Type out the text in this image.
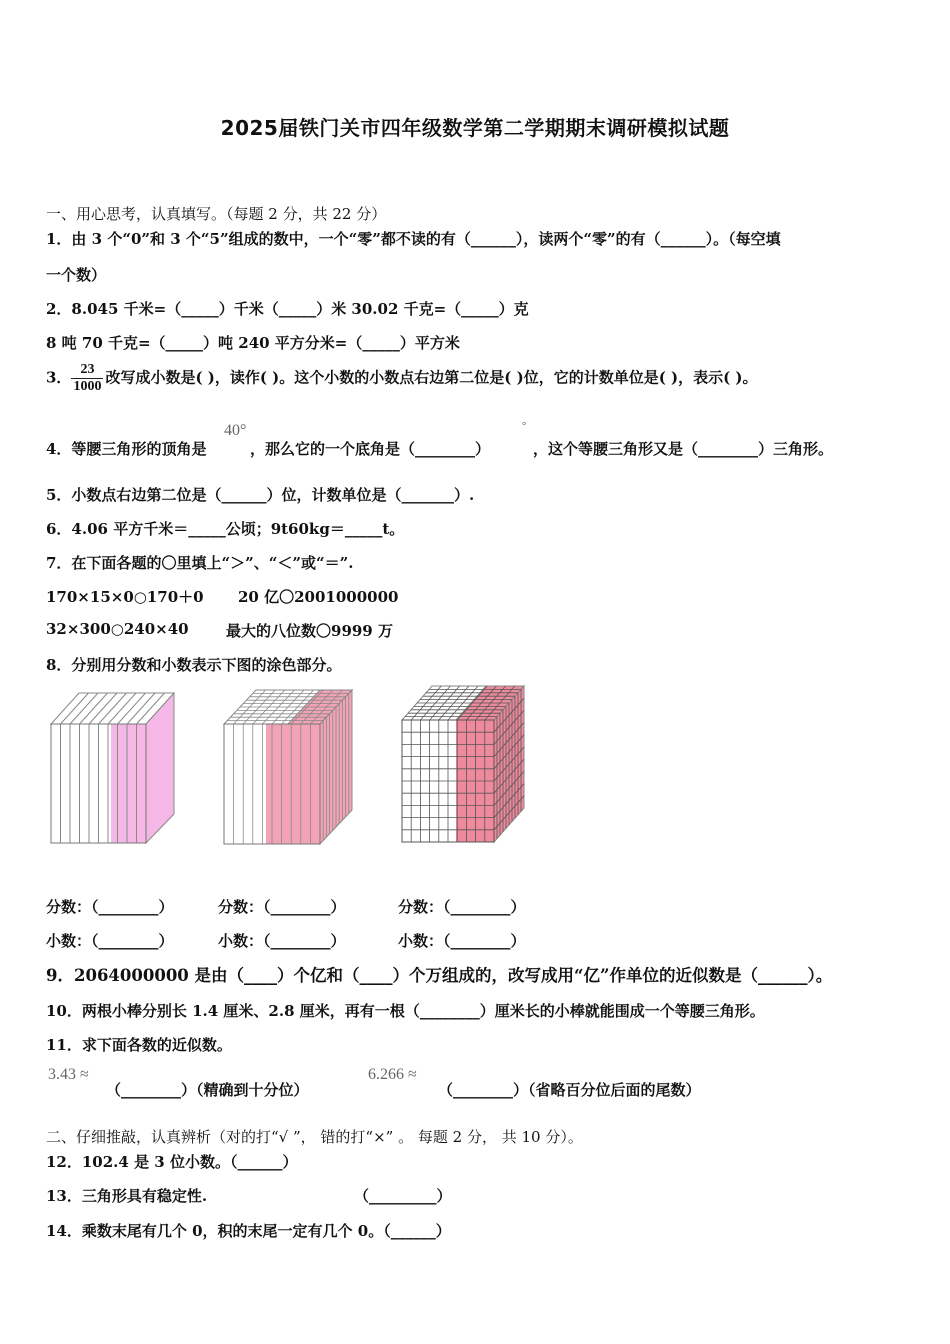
2025届铁门关市四年级数学第二学期期末调研模拟试题
一、用心思考，认真填写。（每题 2 分，共 22 分）
1．由 3 个“0”和 3 个“5”组成的数中，一个“零”都不读的有（______），读两个“零”的有（______）。（每空填
一个数）
2．8.045 千米=（_____）千米（_____）米 30.02 千克=（_____）克
8 吨 70 千克=（_____）吨 240 平方分米=（_____）平方米
3． $\frac{23}{1000}$ 改写成小数是( )，读作( )。这个小数的小数点右边第二位是( )位，它的计数单位是( )，表示( )。
40°
4．等腰三角形的顶角是	，那么它的一个底角是（________）
°
，这个等腰三角形又是（________）三角形。
5．小数点右边第二位是（______）位，计数单位是（_______）.
6．4.06 平方千米＝_____公顷；9t60kg＝_____t。
7．在下面各题的〇里填上“＞”、“＜”或“＝”.
170×15×0○170＋0 20 亿〇2001000000
32×300○240×40 最大的八位数〇9999 万
8．分别用分数和小数表示下图的涂色部分。
分数：（________）	分数：（________）	分数：（________）
小数：（________）	小数：（________）	小数：（________）
9．2064000000 是由（____）个亿和（____）个万组成的，改写成用“亿”作单位的近似数是（______）。
10．两根小棒分别长 1.4 厘米、2.8 厘米，再有一根（________）厘米长的小棒就能围成一个等腰三角形。
11．求下面各数的近似数。
3.43 ≈
（________）（精确到十分位）
6.266 ≈
（________）（省略百分位后面的尾数）
二、仔细推敲，认真辨析（对的打“√ ”， 错的打“×” 。 每题 2 分， 共 10 分）。
12．102.4 是 3 位小数。（______）
13．三角形具有稳定性.	（_________）
14．乘数末尾有几个 0，积的末尾一定有几个 0。（______）
